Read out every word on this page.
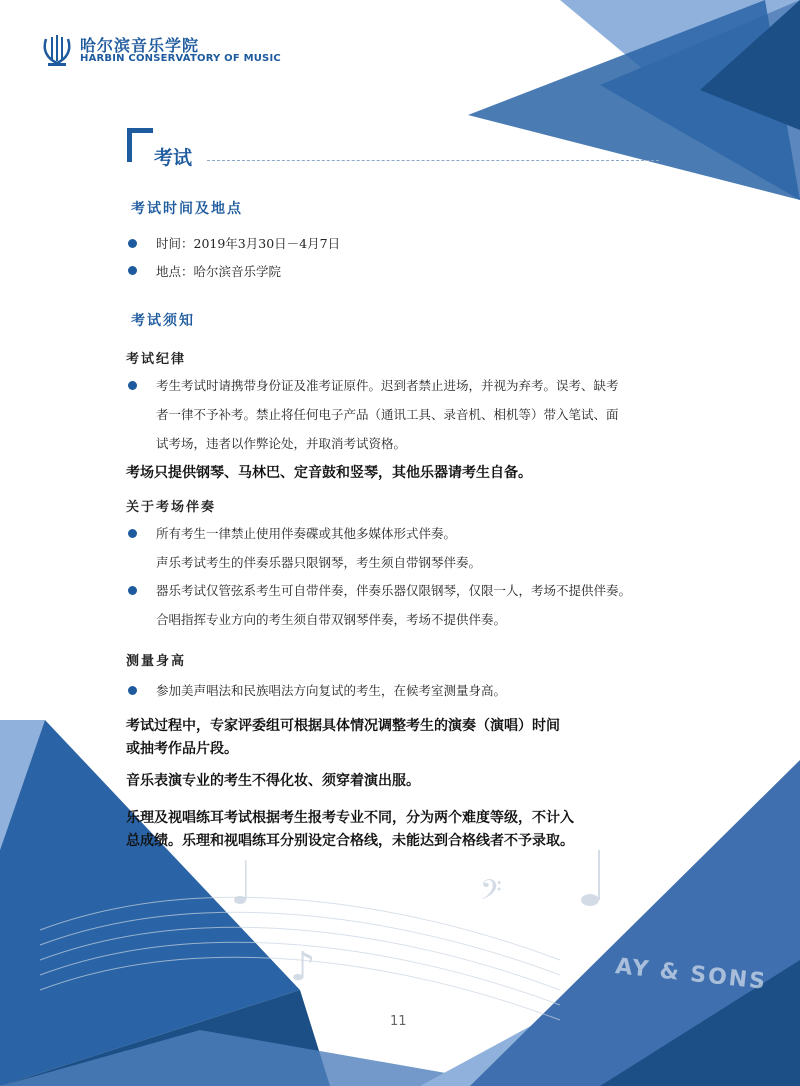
𝄢
♪
哈尔滨音乐学院
HARBIN CONSERVATORY OF MUSIC
考试
考试时间及地点
时间：2019年3月30日－4月7日
地点：哈尔滨音乐学院
考试须知
考试纪律
考生考试时请携带身份证及准考证原件。迟到者禁止进场，并视为弃考。误考、缺考
者一律不予补考。禁止将任何电子产品（通讯工具、录音机、相机等）带入笔试、面
试考场，违者以作弊论处，并取消考试资格。
考场只提供钢琴、马林巴、定音鼓和竖琴，其他乐器请考生自备。
关于考场伴奏
所有考生一律禁止使用伴奏碟或其他多媒体形式伴奏。
声乐考试考生的伴奏乐器只限钢琴，考生须自带钢琴伴奏。
器乐考试仅管弦系考生可自带伴奏，伴奏乐器仅限钢琴，仅限一人，考场不提供伴奏。
合唱指挥专业方向的考生须自带双钢琴伴奏，考场不提供伴奏。
测量身高
参加美声唱法和民族唱法方向复试的考生，在候考室测量身高。
考试过程中，专家评委组可根据具体情况调整考生的演奏（演唱）时间
或抽考作品片段。
音乐表演专业的考生不得化妆、须穿着演出服。
乐理及视唱练耳考试根据考生报考专业不同，分为两个难度等级，不计入
总成绩。乐理和视唱练耳分别设定合格线，未能达到合格线者不予录取。
AY & SONS
11
